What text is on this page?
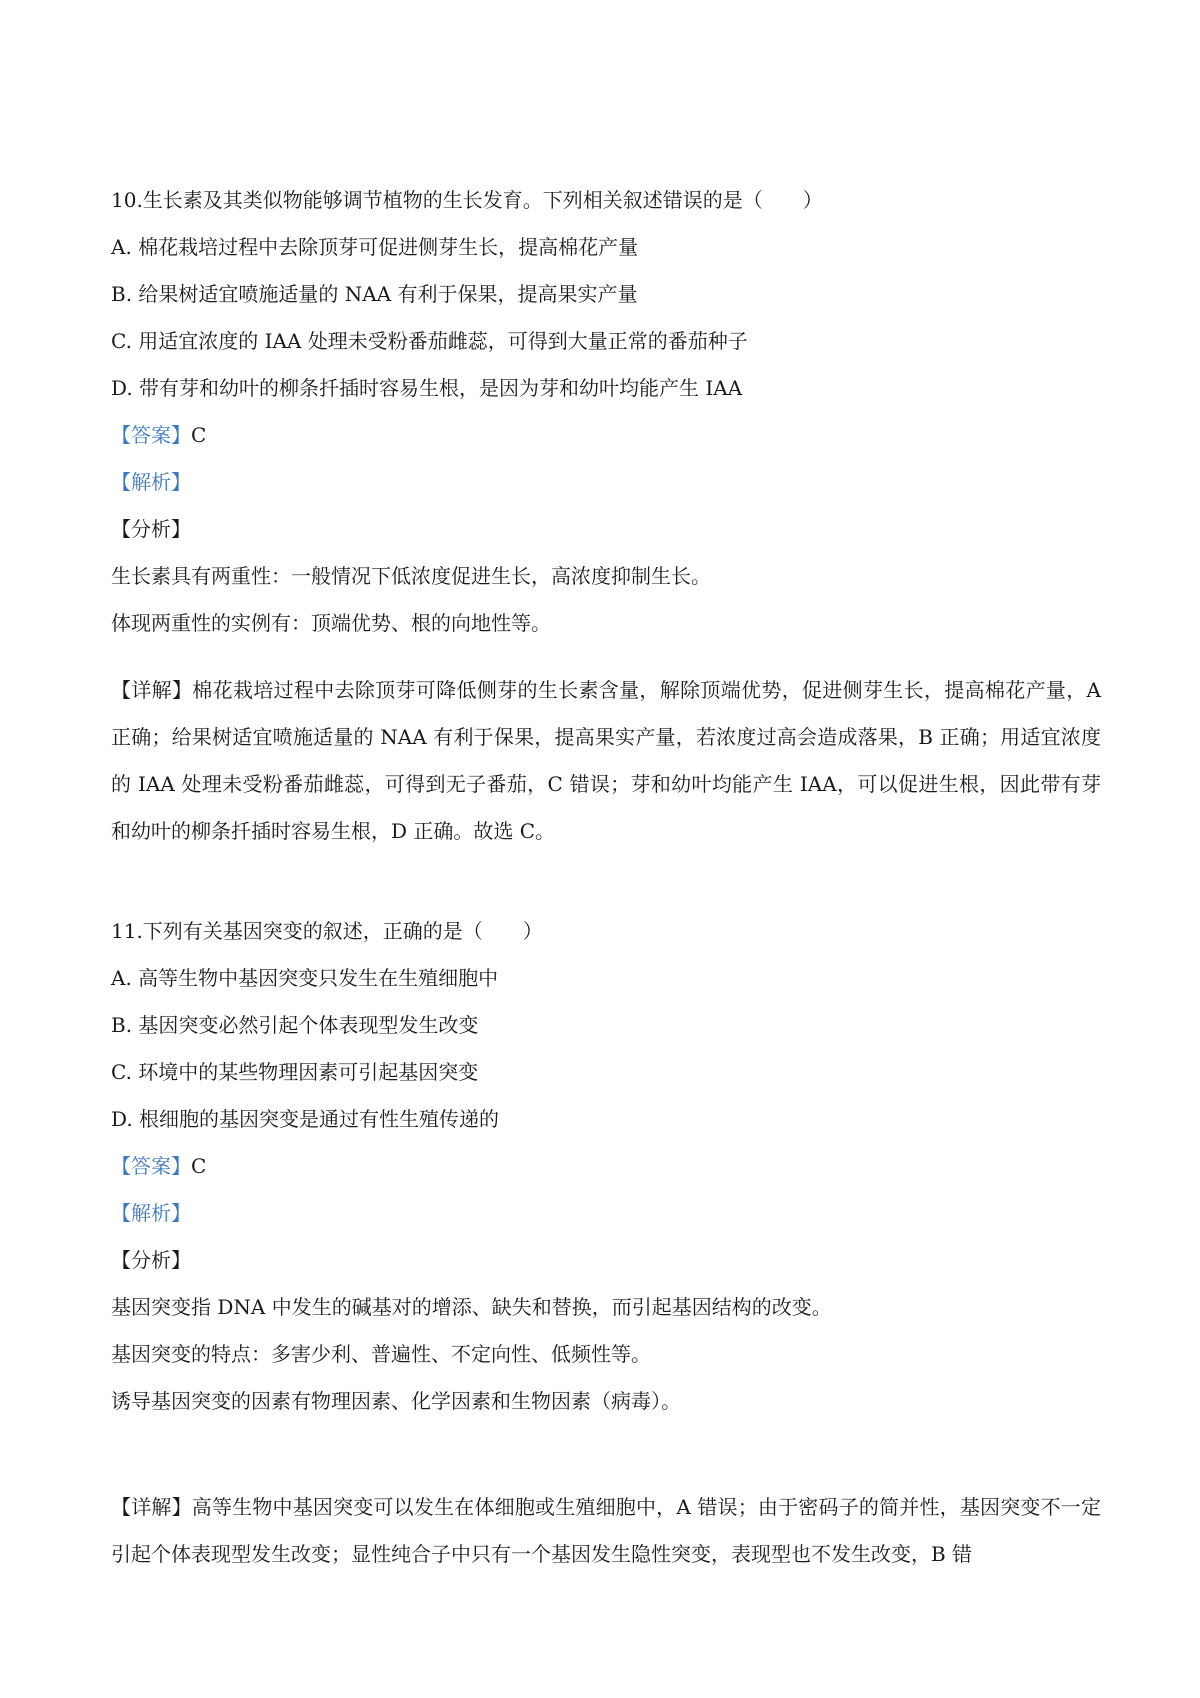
10.生长素及其类似物能够调节植物的生长发育。下列相关叙述错误的是（　　）
A. 棉花栽培过程中去除顶芽可促进侧芽生长，提高棉花产量
B. 给果树适宜喷施适量的 NAA 有利于保果，提高果实产量
C. 用适宜浓度的 IAA 处理未受粉番茄雌蕊，可得到大量正常的番茄种子
D. 带有芽和幼叶的柳条扦插时容易生根，是因为芽和幼叶均能产生 IAA
【答案】C
【解析】
【分析】
生长素具有两重性：一般情况下低浓度促进生长，高浓度抑制生长。
体现两重性的实例有：顶端优势、根的向地性等。
【详解】棉花栽培过程中去除顶芽可降低侧芽的生长素含量，解除顶端优势，促进侧芽生长，提高棉花产量，A 正确；给果树适宜喷施适量的 NAA 有利于保果，提高果实产量，若浓度过高会造成落果，B 正确；用适宜浓度的 IAA 处理未受粉番茄雌蕊，可得到无子番茄，C 错误；芽和幼叶均能产生 IAA，可以促进生根，因此带有芽和幼叶的柳条扦插时容易生根，D 正确。故选 C。
11.下列有关基因突变的叙述，正确的是（　　）
A. 高等生物中基因突变只发生在生殖细胞中
B. 基因突变必然引起个体表现型发生改变
C. 环境中的某些物理因素可引起基因突变
D. 根细胞的基因突变是通过有性生殖传递的
【答案】C
【解析】
【分析】
基因突变指 DNA 中发生的碱基对的增添、缺失和替换，而引起基因结构的改变。
基因突变的特点：多害少利、普遍性、不定向性、低频性等。
诱导基因突变的因素有物理因素、化学因素和生物因素（病毒）。
【详解】高等生物中基因突变可以发生在体细胞或生殖细胞中，A 错误；由于密码子的简并性，基因突变不一定引起个体表现型发生改变；显性纯合子中只有一个基因发生隐性突变，表现型也不发生改变，B 错
